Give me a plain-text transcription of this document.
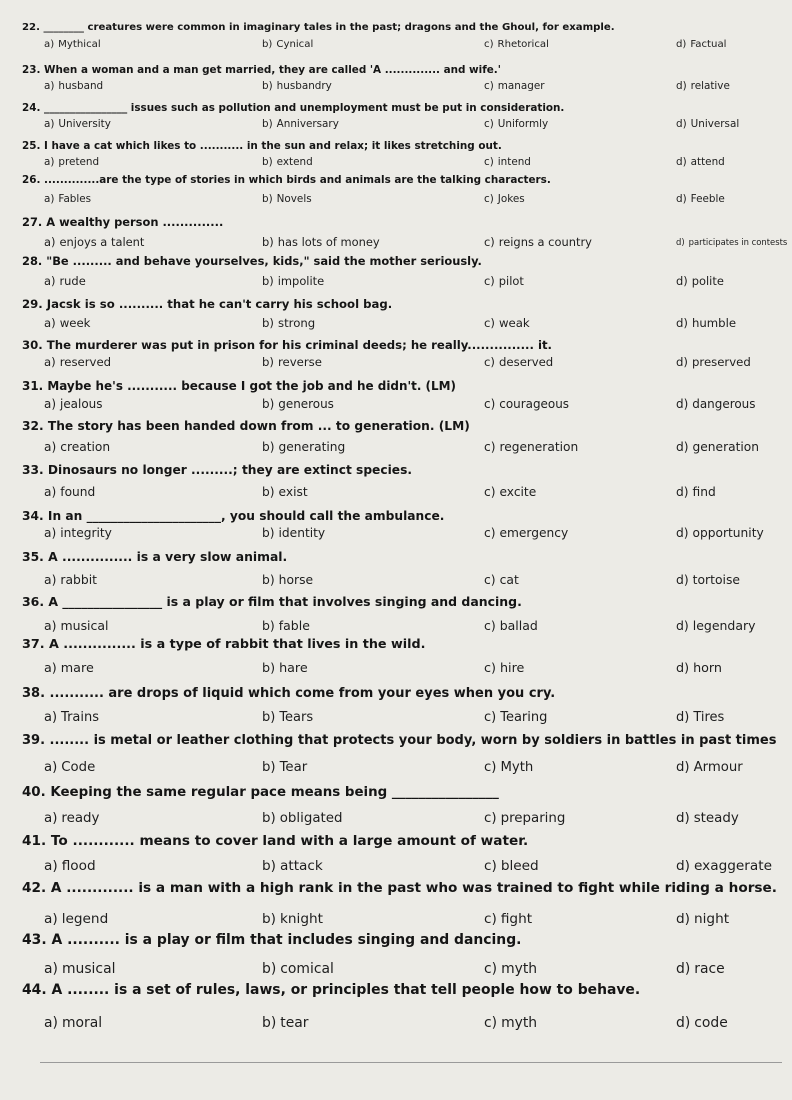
22. ________ creatures were common in imaginary tales in the past; dragons and the Ghoul, for example.
a) Mythical	b) Cynical	c) Rhetorical	d) Factual
23. When a woman and a man get married, they are called 'A .............. and wife.'
a) husband	b) husbandry	c) manager	d) relative
24. ________________ issues such as pollution and unemployment must be put in consideration.
a) University	b) Anniversary	c) Uniformly	d) Universal
25. I have a cat which likes to ........... in the sun and relax; it likes stretching out.
a) pretend	b) extend	c) intend	d) attend
26. ..............are the type of stories in which birds and animals are the talking characters.
a) Fables	b) Novels	c) Jokes	d) Feeble
27. A wealthy person ..............
a) enjoys a talent	b) has lots of money	c) reigns a country	d) participates in contests
28. "Be ......... and behave yourselves, kids," said the mother seriously.
a) rude	b) impolite	c) pilot	d) polite
29. Jacsk is so .......... that he can't carry his school bag.
a) week	b) strong	c) weak	d) humble
30. The murderer was put in prison for his criminal deeds; he really............... it.
a) reserved	b) reverse	c) deserved	d) preserved
31. Maybe he's ........... because I got the job and he didn't. (LM)
a) jealous	b) generous	c) courageous	d) dangerous
32. The story has been handed down from ... to generation. (LM)
a) creation	b) generating	c) regeneration	d) generation
33. Dinosaurs no longer .........; they are extinct species.
a) found	b) exist	c) excite	d) find
34. In an ______________________, you should call the ambulance.
a) integrity	b) identity	c) emergency	d) opportunity
35. A ............... is a very slow animal.
a) rabbit	b) horse	c) cat	d) tortoise
36. A ________________ is a play or film that involves singing and dancing.
a) musical	b) fable	c) ballad	d) legendary
37. A ............... is a type of rabbit that lives in the wild.
a) mare	b) hare	c) hire	d) horn
38. ........... are drops of liquid which come from your eyes when you cry.
a) Trains	b) Tears	c) Tearing	d) Tires
39. ........ is metal or leather clothing that protects your body, worn by soldiers in battles in past times
a) Code	b) Tear	c) Myth	d) Armour
40. Keeping the same regular pace means being ________________
a) ready	b) obligated	c) preparing	d) steady
41. To ............ means to cover land with a large amount of water.
a) flood	b) attack	c) bleed	d) exaggerate
42. A ............. is a man with a high rank in the past who was trained to fight while riding a horse.
a) legend	b) knight	c) fight	d) night
43. A .......... is a play or film that includes singing and dancing.
a) musical	b) comical	c) myth	d) race
44. A ........ is a set of rules, laws, or principles that tell people how to behave.
a) moral	b) tear	c) myth	d) code
